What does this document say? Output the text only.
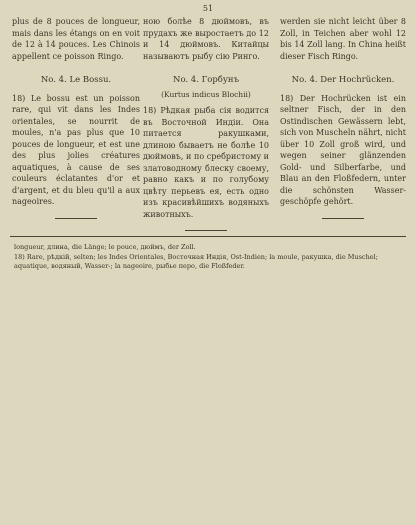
51

plus de 8 pouces de longueur, mais dans les étangs on en voit de 12 à 14 pouces. Les Chinois appellent ce poisson Ringo.

No. 4. Le Bossu.

18) Le bossu est un poisson rare, qui vit dans les Indes orientales, se nourrit de moules, n'a pas plus que 10 pouces de longueur, et est une des plus jolies créatures aquatiques, à cause de ses couleurs éclatantes d'or et d'argent, et du bleu qu'il a aux nageoires.

ною болѣе 8 дюймовъ, въ прудахъ же выростаетъ до 12 и 14 дюймовъ. Китайцы называютъ рыбу сію Ринго.

No. 4. Горбунъ
(Kurtus indicus Blochii)

18) Рѣдкая рыба сія водится въ Восточной Индіи. Она питается ракушками, длиною бываетъ не болѣе 10 дюймовъ, и по сребристому и златоводному блеску своему, равно какъ и по голубому цвѣту перьевъ ея, есть одно изъ красивѣйшихъ водяныхъ животныхъ.

werden sie nicht leicht über 8 Zoll, in Teichen aber wohl 12 bis 14 Zoll lang. In China heißt dieser Fisch Ringo.

No. 4. Der Hochrücken.

18) Der Hochrücken ist ein seltner Fisch, der in den Ostindischen Gewässern lebt, sich von Muscheln nährt, nicht über 10 Zoll groß wird, und wegen seiner glänzenden Gold- und Silberfarbe, und Blau an den Floßfedern, unter die schönsten Wassergeschöpfe gehört.

longueur, длина, die Länge; le pouce, дюймъ, der Zoll.

18) Rare, рѣдкій, selten; les Indes Orientales, Восточная Индія, Ost-Indien; la moule, ракушка, die Muschel; aquatique, водяный, Wasser-; la nageoire, рыбье перо, die Floßfeder.
